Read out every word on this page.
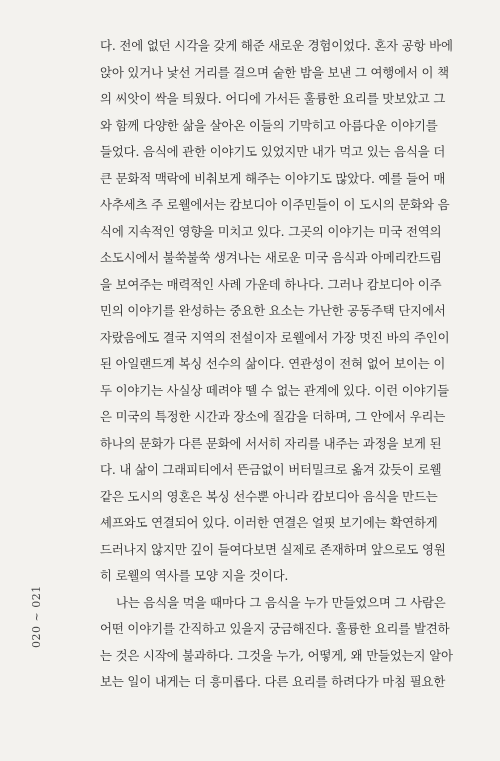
다. 전에 없던 시각을 갖게 해준 새로운 경험이었다. 혼자 공항 바에
앉아 있거나 낯선 거리를 걸으며 숱한 밤을 보낸 그 여행에서 이 책
의 씨앗이 싹을 틔웠다. 어디에 가서든 훌륭한 요리를 맛보았고 그
와 함께 다양한 삶을 살아온 이들의 기막히고 아름다운 이야기를
들었다. 음식에 관한 이야기도 있었지만 내가 먹고 있는 음식을 더
큰 문화적 맥락에 비춰보게 해주는 이야기도 많았다. 예를 들어 매
사추세츠 주 로웰에서는 캄보디아 이주민들이 이 도시의 문화와 음
식에 지속적인 영향을 미치고 있다. 그곳의 이야기는 미국 전역의
소도시에서 불쑥불쑥 생겨나는 새로운 미국 음식과 아메리칸드림
을 보여주는 매력적인 사례 가운데 하나다. 그러나 캄보디아 이주
민의 이야기를 완성하는 중요한 요소는 가난한 공동주택 단지에서
자랐음에도 결국 지역의 전설이자 로웰에서 가장 멋진 바의 주인이
된 아일랜드계 복싱 선수의 삶이다. 연관성이 전혀 없어 보이는 이
두 이야기는 사실상 떼려야 뗄 수 없는 관계에 있다. 이런 이야기들
은 미국의 특정한 시간과 장소에 질감을 더하며, 그 안에서 우리는
하나의 문화가 다른 문화에 서서히 자리를 내주는 과정을 보게 된
다. 내 삶이 그래피티에서 뜬금없이 버터밀크로 옮겨 갔듯이 로웰
같은 도시의 영혼은 복싱 선수뿐 아니라 캄보디아 음식을 만드는
셰프와도 연결되어 있다. 이러한 연결은 얼핏 보기에는 확연하게
드러나지 않지만 깊이 들여다보면 실제로 존재하며 앞으로도 영원
히 로웰의 역사를 모양 지을 것이다.
나는 음식을 먹을 때마다 그 음식을 누가 만들었으며 그 사람은
어떤 이야기를 간직하고 있을지 궁금해진다. 훌륭한 요리를 발견하
는 것은 시작에 불과하다. 그것을 누가, 어떻게, 왜 만들었는지 알아
보는 일이 내게는 더 흥미롭다. 다른 요리를 하려다가 마침 필요한
020 ~ 021
